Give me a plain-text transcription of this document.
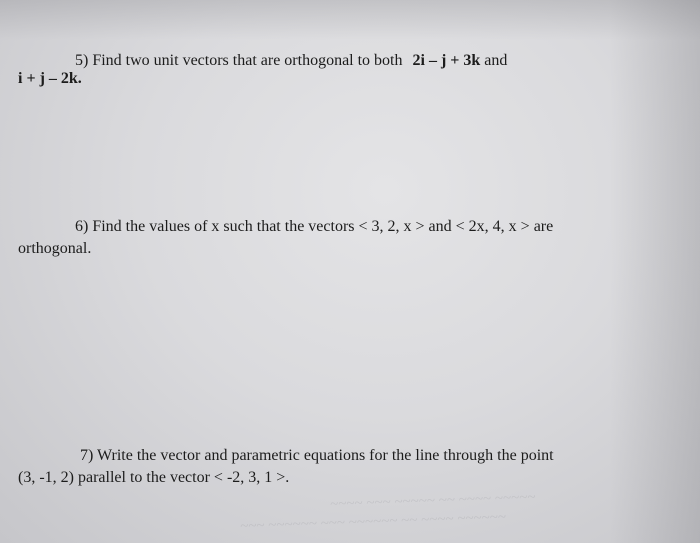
5) Find two unit vectors that are orthogonal to both 2i – j + 3k and
i + j – 2k.
6) Find the values of x such that the vectors < 3, 2, x > and < 2x, 4, x > are
orthogonal.
7) Write the vector and parametric equations for the line through the point
(3, -1, 2) parallel to the vector < -2, 3, 1 >.
~~~~ ~~~ ~~~~~ ~~ ~~~~ ~~~~~
~~~ ~~~~~~ ~~~ ~~~~~~ ~~ ~~~~ ~~~~~~
